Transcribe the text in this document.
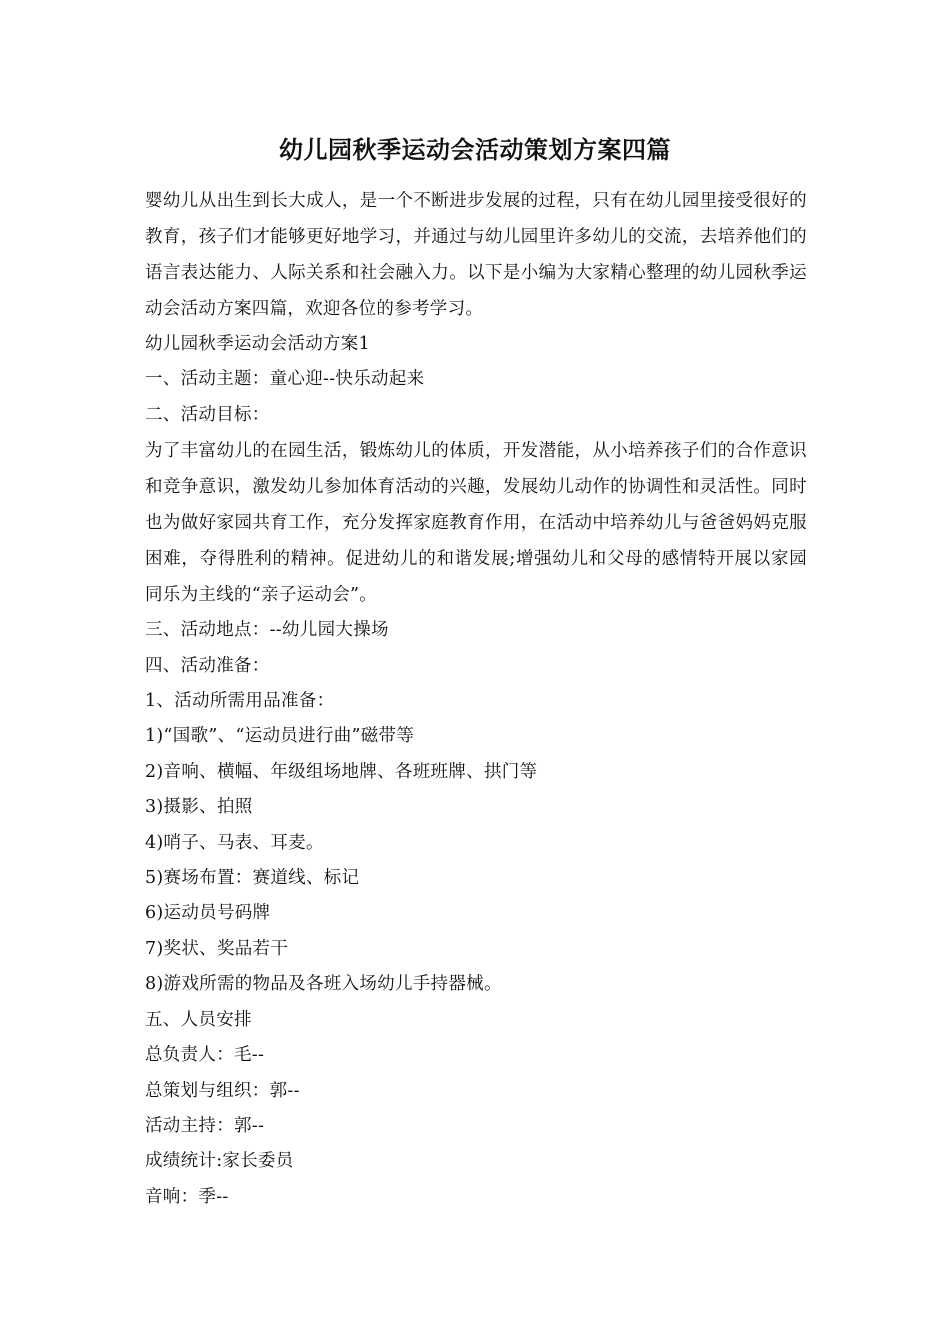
幼儿园秋季运动会活动策划方案四篇

婴幼儿从出生到长大成人，是一个不断进步发展的过程，只有在幼儿园里接受很好的教育，孩子们才能够更好地学习，并通过与幼儿园里许多幼儿的交流，去培养他们的语言表达能力、人际关系和社会融入力。以下是小编为大家精心整理的幼儿园秋季运动会活动方案四篇，欢迎各位的参考学习。

幼儿园秋季运动会活动方案1

一、活动主题：童心迎--快乐动起来

二、活动目标：

为了丰富幼儿的在园生活，锻炼幼儿的体质，开发潜能，从小培养孩子们的合作意识和竞争意识，激发幼儿参加体育活动的兴趣，发展幼儿动作的协调性和灵活性。同时也为做好家园共育工作，充分发挥家庭教育作用，在活动中培养幼儿与爸爸妈妈克服困难，夺得胜利的精神。促进幼儿的和谐发展;增强幼儿和父母的感情特开展以家园同乐为主线的“亲子运动会”。

三、活动地点：--幼儿园大操场

四、活动准备：

1、活动所需用品准备：

1)“国歌”、“运动员进行曲”磁带等

2)音响、横幅、年级组场地牌、各班班牌、拱门等

3)摄影、拍照

4)哨子、马表、耳麦。

5)赛场布置：赛道线、标记

6)运动员号码牌

7)奖状、奖品若干

8)游戏所需的物品及各班入场幼儿手持器械。

五、人员安排

总负责人：毛--

总策划与组织：郭--

活动主持：郭--

成绩统计:家长委员

音响：季--
